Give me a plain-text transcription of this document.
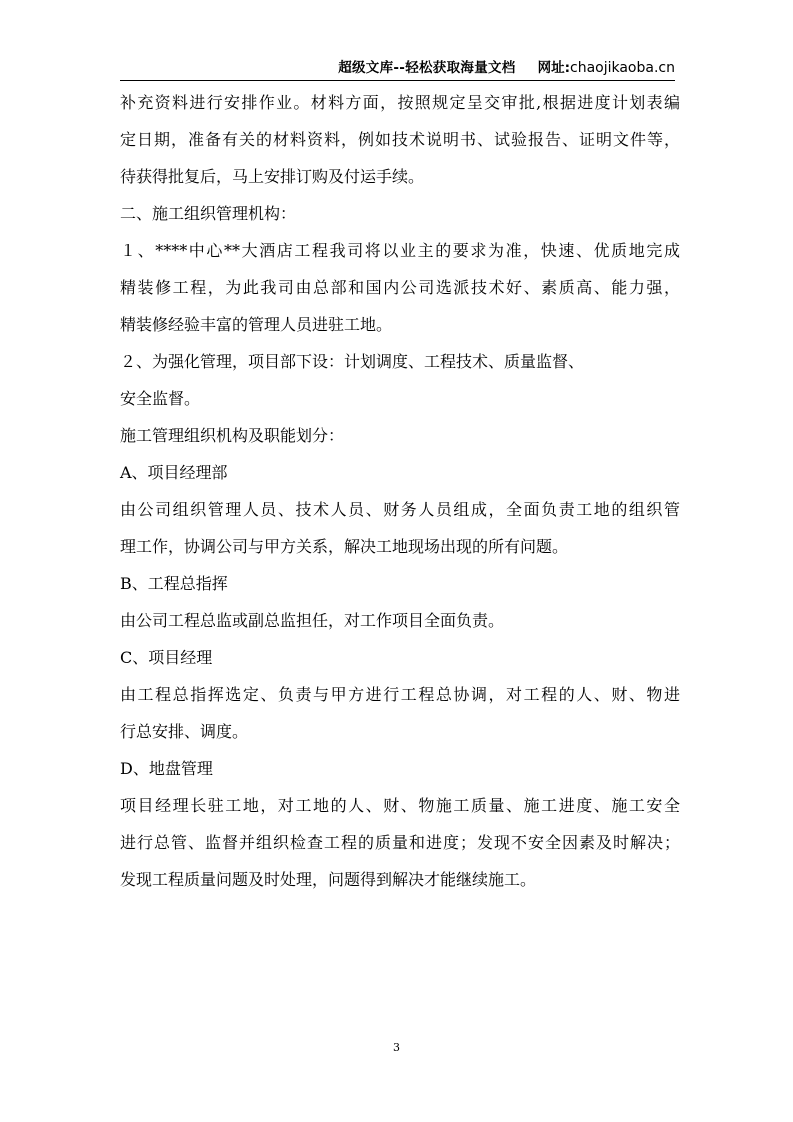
超级文库--轻松获取海量文档 网址:chaojikaoba.cn
补充资料进行安排作业。材料方面，按照规定呈交审批,根据进度计划表编
定日期，准备有关的材料资料，例如技术说明书、试验报告、证明文件等，
待获得批复后，马上安排订购及付运手续。
二、施工组织管理机构：
１、****中心**大酒店工程我司将以业主的要求为准，快速、优质地完成
精装修工程，为此我司由总部和国内公司选派技术好、素质高、能力强，
精装修经验丰富的管理人员进驻工地。
２、为强化管理，项目部下设：计划调度、工程技术、质量监督、
安全监督。
施工管理组织机构及职能划分：
A、项目经理部
由公司组织管理人员、技术人员、财务人员组成，全面负责工地的组织管
理工作，协调公司与甲方关系，解决工地现场出现的所有问题。
B、工程总指挥
由公司工程总监或副总监担任，对工作项目全面负责。
C、项目经理
由工程总指挥选定、负责与甲方进行工程总协调，对工程的人、财、物进
行总安排、调度。
D、地盘管理
项目经理长驻工地，对工地的人、财、物施工质量、施工进度、施工安全
进行总管、监督并组织检查工程的质量和进度；发现不安全因素及时解决；
发现工程质量问题及时处理，问题得到解决才能继续施工。
3
